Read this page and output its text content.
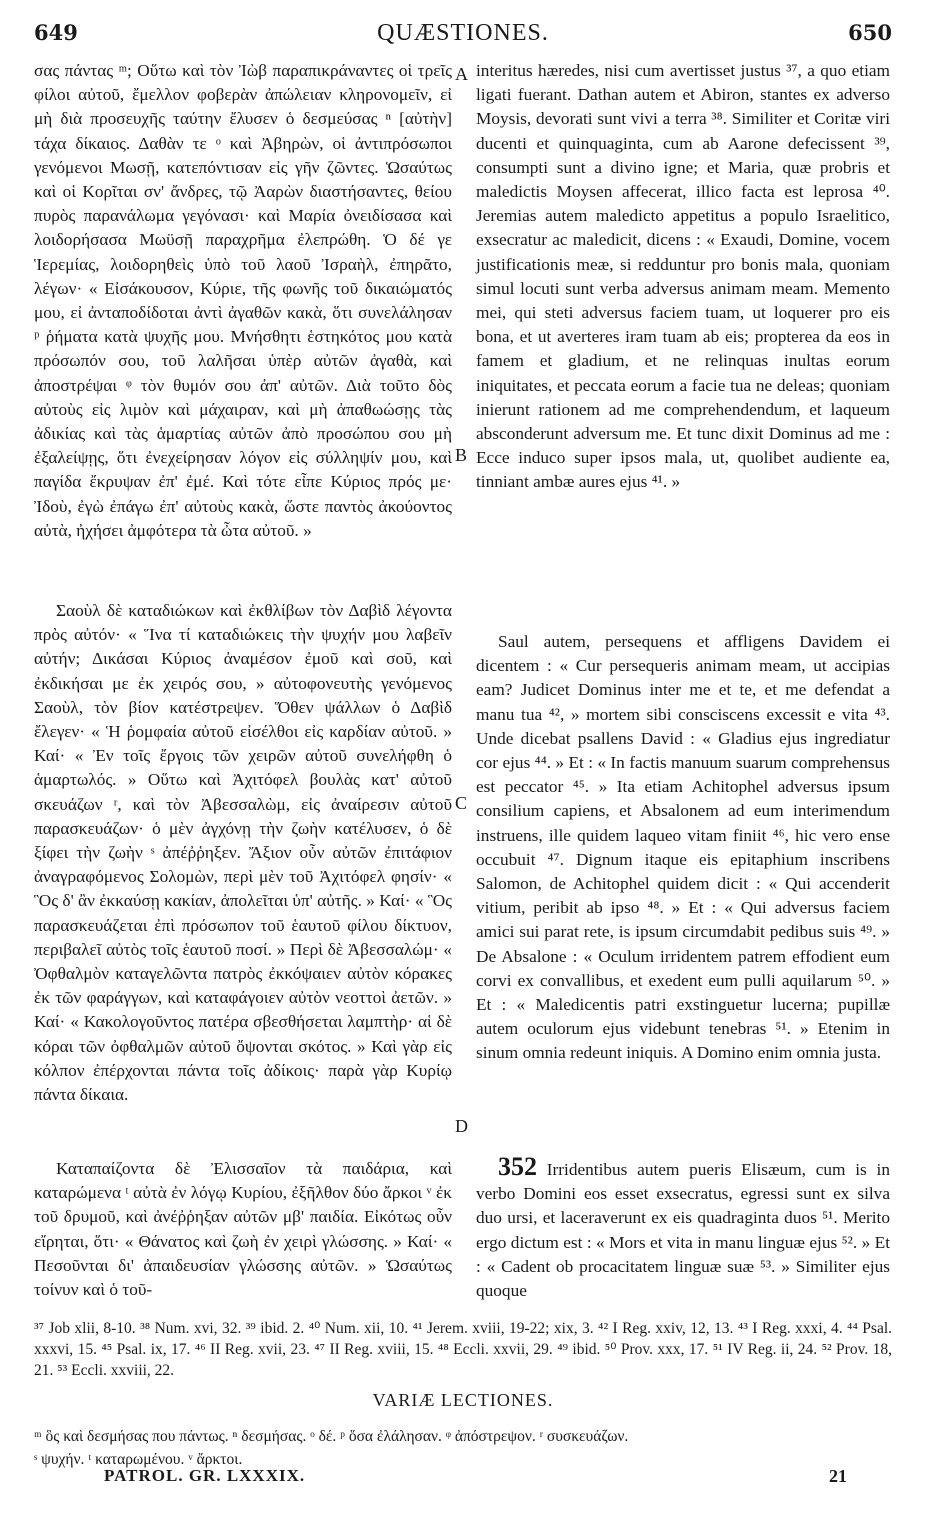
649	QUÆSTIONES.	650

σας πάντας ᵐ; Οὕτω καὶ τὸν Ἰὼβ παραπικράναντες οἱ τρεῖς φίλοι αὐτοῦ, ἔμελλον φοβερὰν ἀπώλειαν κληρονομεῖν, εἰ μὴ διὰ προσευχῆς ταύτην ἔλυσεν ὁ δεσμεύσας ⁿ [αὐτὴν] τάχα δίκαιος. Δαθὰν τε ᵒ καὶ Ἀβηρὼν, οἱ ἀντιπρόσωποι γενόμενοι Μωσῇ, κατεπόντισαν εἰς γῆν ζῶντες. Ὡσαύτως καὶ οἱ Κορῖται σν' ἄνδρες, τῷ Ἀαρὼν διαστήσαντες, θείου πυρὸς παρανάλωμα γεγόνασι· καὶ Μαρία ὀνειδίσασα καὶ λοιδορήσασα Μωϋσῇ παραχρῆμα ἐλεπρώθη. Ὁ δέ γε Ἱερεμίας, λοιδορηθεὶς ὑπὸ τοῦ λαοῦ Ἰσραὴλ, ἐπηρᾶτο, λέγων· « Εἰσάκουσον, Κύριε, τῆς φωνῆς τοῦ δικαιώματός μου, εἰ ἀνταποδίδοται ἀντὶ ἀγαθῶν κακὰ, ὅτι συνελάλησαν ᵖ ῥήματα κατὰ ψυχῆς μου. Μνήσθητι ἑστηκότος μου κατὰ πρόσωπόν σου, τοῦ λαλῆσαι ὑπὲρ αὐτῶν ἀγαθὰ, καὶ ἀποστρέψαι ᵠ τὸν θυμόν σου ἀπ' αὐτῶν. Διὰ τοῦτο δὸς αὐτοὺς εἰς λιμὸν καὶ μάχαιραν, καὶ μὴ ἀπαθωώσῃς τὰς ἀδικίας καὶ τὰς ἁμαρτίας αὐτῶν ἀπὸ προσώπου σου μὴ ἐξαλείψῃς, ὅτι ἐνεχείρησαν λόγον εἰς σύλληψίν μου, καὶ παγίδα ἔκρυψαν ἐπ' ἐμέ. Καὶ τότε εἶπε Κύριος πρός με· Ἰδοὺ, ἐγὼ ἐπάγω ἐπ' αὐτοὺς κακὰ, ὥστε παντὸς ἀκούοντος αὐτὰ, ἠχήσει ἀμφότερα τὰ ὦτα αὐτοῦ. »

Σαοὺλ δὲ καταδιώκων καὶ ἐκθλίβων τὸν Δαβὶδ λέγοντα πρὸς αὐτόν· « Ἵνα τί καταδιώκεις τὴν ψυχήν μου λαβεῖν αὐτήν; Δικάσαι Κύριος ἀναμέσον ἐμοῦ καὶ σοῦ, καὶ ἐκδικήσαι με ἐκ χειρός σου, » αὐτοφονευτὴς γενόμενος Σαοὺλ, τὸν βίον κατέστρεψεν. Ὅθεν ψάλλων ὁ Δαβὶδ ἔλεγεν· « Ἡ ῥομφαία αὐτοῦ εἰσέλθοι εἰς καρδίαν αὐτοῦ. » Καί· « Ἐν τοῖς ἔργοις τῶν χειρῶν αὐτοῦ συνελήφθη ὁ ἁμαρτωλός. » Οὕτω καὶ Ἀχιτόφελ βουλὰς κατ' αὐτοῦ σκευάζων ʳ, καὶ τὸν Ἀβεσσαλὼμ, εἰς ἀναίρεσιν αὐτοῦ παρασκευάζων· ὁ μὲν ἀγχόνῃ τὴν ζωὴν κατέλυσεν, ὁ δὲ ξίφει τὴν ζωὴν ˢ ἀπέῤῥηξεν. Ἄξιον οὖν αὐτῶν ἐπιτάφιον ἀναγραφόμενος Σολομὼν, περὶ μὲν τοῦ Ἀχιτόφελ φησίν· « Ὃς δ' ἂν ἐκκαύσῃ κακίαν, ἀπολεῖται ὑπ' αὐτῆς. » Καί· « Ὃς παρασκευάζεται ἐπὶ πρόσωπον τοῦ ἑαυτοῦ φίλου δίκτυον, περιβαλεῖ αὐτὸς τοῖς ἑαυτοῦ ποσί. » Περὶ δὲ Ἀβεσσαλώμ· « Ὀφθαλμὸν καταγελῶντα πατρὸς ἐκκόψαιεν αὐτὸν κόρακες ἐκ τῶν φαράγγων, καὶ καταφάγοιεν αὐτὸν νεοττοὶ ἀετῶν. » Καί· « Κακολογοῦντος πατέρα σβεσθήσεται λαμπτὴρ· αἱ δὲ κόραι τῶν ὀφθαλμῶν αὐτοῦ ὄψονται σκότος. » Καὶ γὰρ εἰς κόλπον ἐπέρχονται πάντα τοῖς ἀδίκοις· παρὰ γὰρ Κυρίῳ πάντα δίκαια.

Καταπαίζοντα δὲ Ἐλισσαῖον τὰ παιδάρια, καὶ καταρώμενα ᵗ αὐτὰ ἐν λόγῳ Κυρίου, ἐξῆλθον δύο ἄρκοι ᵛ ἐκ τοῦ δρυμοῦ, καὶ ἀνέῤῥηξαν αὐτῶν μβ' παιδία. Εἰκότως οὖν εἴρηται, ὅτι· « Θάνατος καὶ ζωὴ ἐν χειρὶ γλώσσης. » Καί· « Πεσοῦνται δι' ἀπαιδευσίαν γλώσσης αὐτῶν. » Ὡσαύτως τοίνυν καὶ ὁ τοῦ-

A
B
C
D

interitus hæredes, nisi cum avertisset justus ³⁷, a quo etiam ligati fuerant. Dathan autem et Abiron, stantes ex adverso Moysis, devorati sunt vivi a terra ³⁸. Similiter et Coritæ viri ducenti et quinquaginta, cum ab Aarone defecissent ³⁹, consumpti sunt a divino igne; et Maria, quæ probris et maledictis Moysen affecerat, illico facta est leprosa ⁴⁰. Jeremias autem maledicto appetitus a populo Israelitico, exsecratur ac maledicit, dicens : « Exaudi, Domine, vocem justificationis meæ, si redduntur pro bonis mala, quoniam simul locuti sunt verba adversus animam meam. Memento mei, qui steti adversus faciem tuam, ut loquerer pro eis bona, et ut averteres iram tuam ab eis; propterea da eos in famem et gladium, et ne relinquas inultas eorum iniquitates, et peccata eorum a facie tua ne deleas; quoniam inierunt rationem ad me comprehendendum, et laqueum absconderunt adversum me. Et tunc dixit Dominus ad me : Ecce induco super ipsos mala, ut, quolibet audiente ea, tinniant ambæ aures ejus ⁴¹. »

Saul autem, persequens et affligens Davidem ei dicentem : « Cur persequeris animam meam, ut accipias eam? Judicet Dominus inter me et te, et me defendat a manu tua ⁴², » mortem sibi consciscens excessit e vita ⁴³. Unde dicebat psallens David : « Gladius ejus ingrediatur cor ejus ⁴⁴. » Et : « In factis manuum suarum comprehensus est peccator ⁴⁵. » Ita etiam Achitophel adversus ipsum consilium capiens, et Absalonem ad eum interimendum instruens, ille quidem laqueo vitam finiit ⁴⁶, hic vero ense occubuit ⁴⁷. Dignum itaque eis epitaphium inscribens Salomon, de Achitophel quidem dicit : « Qui accenderit vitium, peribit ab ipso ⁴⁸. » Et : « Qui adversus faciem amici sui parat rete, is ipsum circumdabit pedibus suis ⁴⁹. » De Absalone : « Oculum irridentem patrem effodient eum corvi ex convallibus, et exedent eum pulli aquilarum ⁵⁰. » Et : « Maledicentis patri exstinguetur lucerna; pupillæ autem oculorum ejus videbunt tenebras ⁵¹. » Etenim in sinum omnia redeunt iniquis. A Domino enim omnia justa.

352 Irridentibus autem pueris Elisæum, cum is in verbo Domini eos esset exsecratus, egressi sunt ex silva duo ursi, et laceraverunt ex eis quadraginta duos ⁵¹. Merito ergo dictum est : « Mors et vita in manu linguæ ejus ⁵². » Et : « Cadent ob procacitatem linguæ suæ ⁵³. » Similiter ejus quoque

³⁷ Job xlii, 8-10. ³⁸ Num. xvi, 32. ³⁹ ibid. 2. ⁴⁰ Num. xii, 10. ⁴¹ Jerem. xviii, 19-22; xix, 3. ⁴² I Reg. xxiv, 12, 13. ⁴³ I Reg. xxxi, 4. ⁴⁴ Psal. xxxvi, 15. ⁴⁵ Psal. ix, 17. ⁴⁶ II Reg. xvii, 23. ⁴⁷ II Reg. xviii, 15. ⁴⁸ Eccli. xxvii, 29. ⁴⁹ ibid. ⁵⁰ Prov. xxx, 17. ⁵¹ IV Reg. ii, 24. ⁵² Prov. 18, 21. ⁵³ Eccli. xxviii, 22.
VARIÆ LECTIONES.
ᵐ ὃς καὶ δεσμήσας που πάντως. ⁿ δεσμήσας. ᵒ δέ. ᵖ ὅσα ἐλάλησαν. ᵠ ἀπόστρεψον. ʳ συσκευάζων.
ˢ ψυχήν. ᵗ καταρωμένου. ᵛ ἄρκτοι.
PATROL. GR. LXXXIX.	21
